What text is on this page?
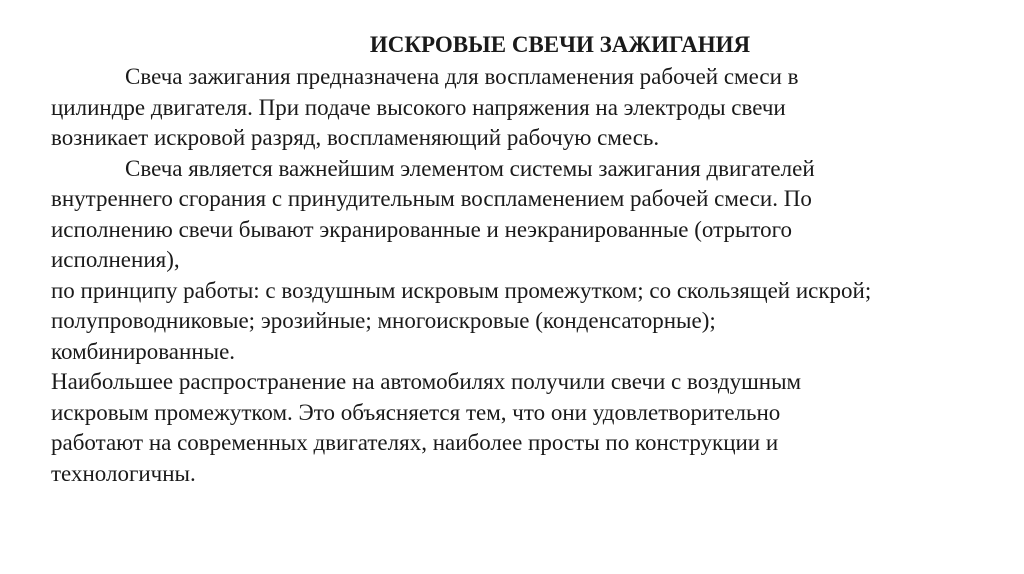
ИСКРОВЫЕ СВЕЧИ ЗАЖИГАНИЯ
Свеча зажигания предназначена для воспламенения рабочей смеси в
цилиндре двигателя. При подаче высокого напряжения на электроды свечи
возникает искровой разряд, воспламеняющий рабочую смесь.
Свеча является важнейшим элементом системы зажигания двигателей
внутреннего сгорания с принудительным воспламенением рабочей смеси. По
исполнению свечи бывают экранированные и неэкранированные (отрытого
исполнения),
по принципу работы: с воздушным искровым промежутком; со скользящей искрой;
полупроводниковые; эрозийные; многоискровые (конденсаторные);
комбинированные.
Наибольшее распространение на автомобилях получили свечи с воздушным
искровым промежутком. Это объясняется тем, что они удовлетворительно
работают на современных двигателях, наиболее просты по конструкции и
технологичны.
